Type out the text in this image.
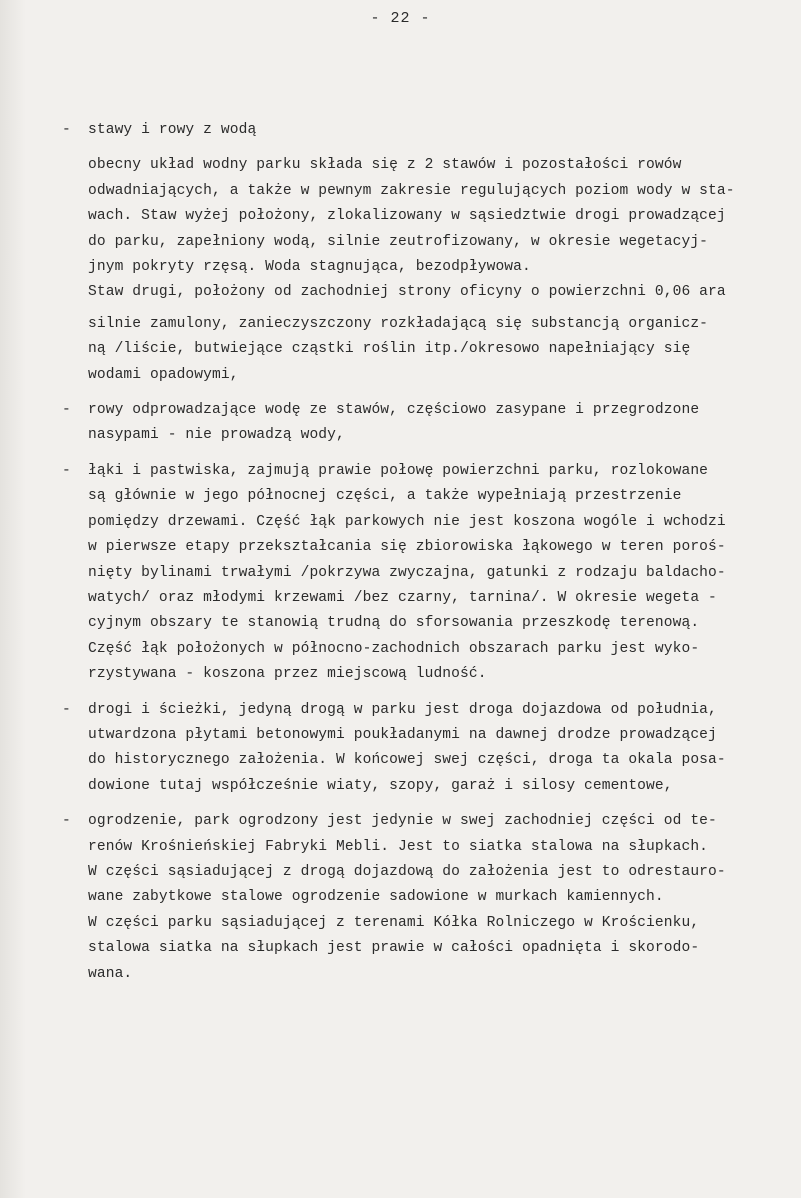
- 22 -
- stawy i rowy z wodą
obecny układ wodny parku składa się z 2 stawów i pozostałości rowów
odwadniających, a także w pewnym zakresie regulujących poziom wody w sta-
wach. Staw wyżej położony, zlokalizowany w sąsiedztwie drogi prowadzącej
do parku, zapełniony wodą, silnie zeutrofizowany, w okresie wegetacyj-
jnym pokryty rzęsą. Woda stagnująca, bezodpływowa.
Staw drugi, położony od zachodniej strony oficyny o powierzchni 0,06 ara
silnie zamulony, zanieczyszczony rozkładającą się substancją organicz-
ną /liście, butwiejące cząstki roślin itp./okresowo napełniający się
wodami opadowymi,
- rowy odprowadzające wodę ze stawów, częściowo zasypane i przegrodzone
nasypami - nie prowadzą wody,
- łąki i pastwiska, zajmują prawie połowę powierzchni parku, rozlokowane
są głównie w jego północnej części, a także wypełniają przestrzenie
pomiędzy drzewami. Część łąk parkowych nie jest koszona wogóle i wchodzi
w pierwsze etapy przekształcania się zbiorowiska łąkowego w teren poroś-
nięty bylinami trwałymi /pokrzywa zwyczajna, gatunki z rodzaju baldacho-
watych/ oraz młodymi krzewami /bez czarny, tarnina/. W okresie wegeta -
cyjnym obszary te stanowią trudną do sforsowania przeszkodę terenową.
Część łąk położonych w północno-zachodnich obszarach parku jest wyko-
rzystywana - koszona przez miejscową ludność.
- drogi i ścieżki, jedyną drogą w parku jest droga dojazdowa od południa,
utwardzona płytami betonowymi poukładanymi na dawnej drodze prowadzącej
do historycznego założenia. W końcowej swej części, droga ta okala posa-
dowione tutaj współcześnie wiaty, szopy, garaż i silosy cementowe,
- ogrodzenie, park ogrodzony jest jedynie w swej zachodniej części od te-
renów Krośnieńskiej Fabryki Mebli. Jest to siatka stalowa na słupkach.
W części sąsiadującej z drogą dojazdową do założenia jest to odrestauro-
wane zabytkowe stalowe ogrodzenie sadowione w murkach kamiennych.
W części parku sąsiadującej z terenami Kółka Rolniczego w Krościenku,
stalowa siatka na słupkach jest prawie w całości opadnięta i skorodo-
wana.
